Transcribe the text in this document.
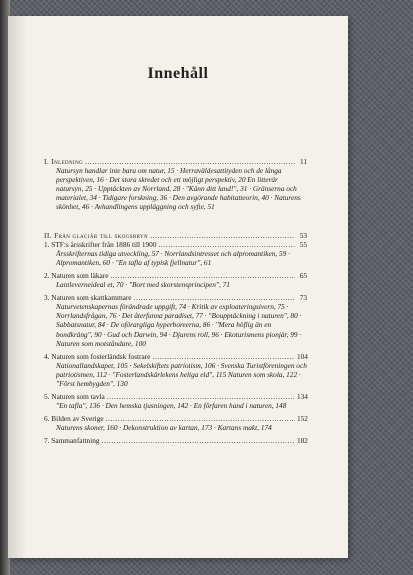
Innehåll
I. Inledning . . .	11

Natursyn handlar inte bara om natur, 15 · Herraväldesattityden och de långa perspektiven, 16 · Det stora skredet och ett möjligt perspektiv, 20 En litterär natursyn, 25 · Upptäckten av Norrland, 28 · "Känn ditt land!", 31 · Gränserna och materialet, 34 · Tidigare forskning, 36 · Den avgörande habitatteorin, 40 · Naturens skönhet, 46 · Avhandlingens uppläggning och syfte, 51

II. Från glaciär till skogsbryn . . .	53
1. STF:s årsskrifter från 1886 till 1900 . . .	55

Årsskrifternas tidiga utveckling, 57 · Norrlandsintresset och alpromantiken, 59 · Alpromantiken, 60 · "En tafla af typisk fjellnatur", 61

2. Naturen som läkare . . .	65

Lantleverneideal et, 70 · "Bort med skorstensprincipen", 71

3. Naturen som skattkammare . . .	73

Naturvetenskapernas förändrade uppgift, 74 · Kritik av exploateringsivern, 75 · Norrlandsfrågan, 76 · Det återfunna paradiset, 77 · "Boupptäckning i naturen", 80 · Sabbatsnatur, 84 · De oförargliga hyperboreerna, 86 · "Mera höflig än en bondkräng", 90 · Gud och Darwin, 94 · Djurens roll, 96 · Ekoturismens pionjär, 99 · Naturen som motståndare, 100

4. Naturen som fosterländsk fostrare . . .	104

Nationallandskapet, 105 · Sekelskiftets patriotism, 106 · Svenska Turistföreningen och patriotismen, 112 · "Fosterlandskärlekens heliga eld", 115 Naturen som skola, 122 · "Först hembygden", 130

5. Naturen som tavla . . .	134

"En tafla", 136 · Den hemska tjusningen, 142 · En förfaren hand i naturen, 148

6. Bilden av Sverige . . .	152

Naturens skoner, 160 · Dekonstruktion av kartan, 173 · Kartans makt, 174

7. Sammanfattning . . .	182
